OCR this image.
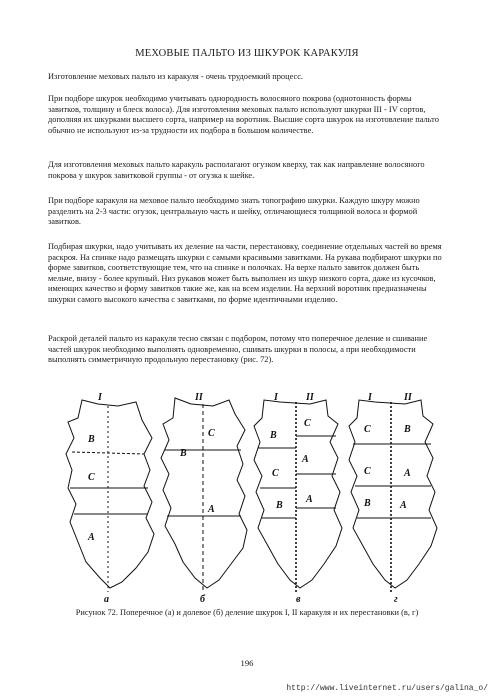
МЕХОВЫЕ ПАЛЬТО ИЗ ШКУРОК КАРАКУЛЯ

Изготовление меховых пальто из каракуля - очень трудоемкий процесс.

При подборе шкурок необходимо учитывать однородность волосяного покрова (однотонность формы завитков, толщину и блеск волоса). Для изготовления меховых пальто используют шкурки III - IV сортов, дополняя их шкурками высшего сорта, например на воротник. Высшие сорта шкурок на изготовление пальто обычно не используют из-за трудности их подбора в большом количестве.

Для изготовления меховых пальто каракуль располагают огузком кверху, так как направление волосяного покрова у шкурок завитковой группы - от огузка к шейке.

При подборе каракуля на меховое пальто необходимо знать топографию шкурки. Каждую шкуру можно разделить на 2-3 части: огузок, центральную часть и шейку, отличающиеся толщиной волоса и формой завитков.

Подбирая шкурки, надо учитывать их деление на части, перестановку, соединение отдельных частей во время раскроя. На спинке надо размещать шкурки с самыми красивыми завитками. На рукава подбирают шкурки по форме завитков, соответствующие тем, что на спинке и полочках. На верхе пальто завиток должен быть мельче, внизу - более крупный. Низ рукавов может быть выполнен из шкур низкого сорта, даже из кусочков, имеющих качество и форму завитков такие же, как на всем изделии. На верхний воротник предназначены шкурки самого высокого качества с завитками, по форме идентичными изделию.

Раскрой деталей пальто из каракуля тесно связан с подбором, потому что поперечное деление и сшивание частей шкурок необходимо выполнять одновременно, сшивать шкурки в полосы, а при необходимости выполнять симметричную продольную перестановку (рис. 72).

I
В
С
А
а
II
С
В
А
б
I	II
В
С
С
А
В
А
в
I	II
В
С
А
С
В	А
г
Рисунок 72. Поперечное (а) и долевое (б) деление шкурок I, II каракуля и их перестановки (в, г)
196
http://www.liveinternet.ru/users/galina_o/
